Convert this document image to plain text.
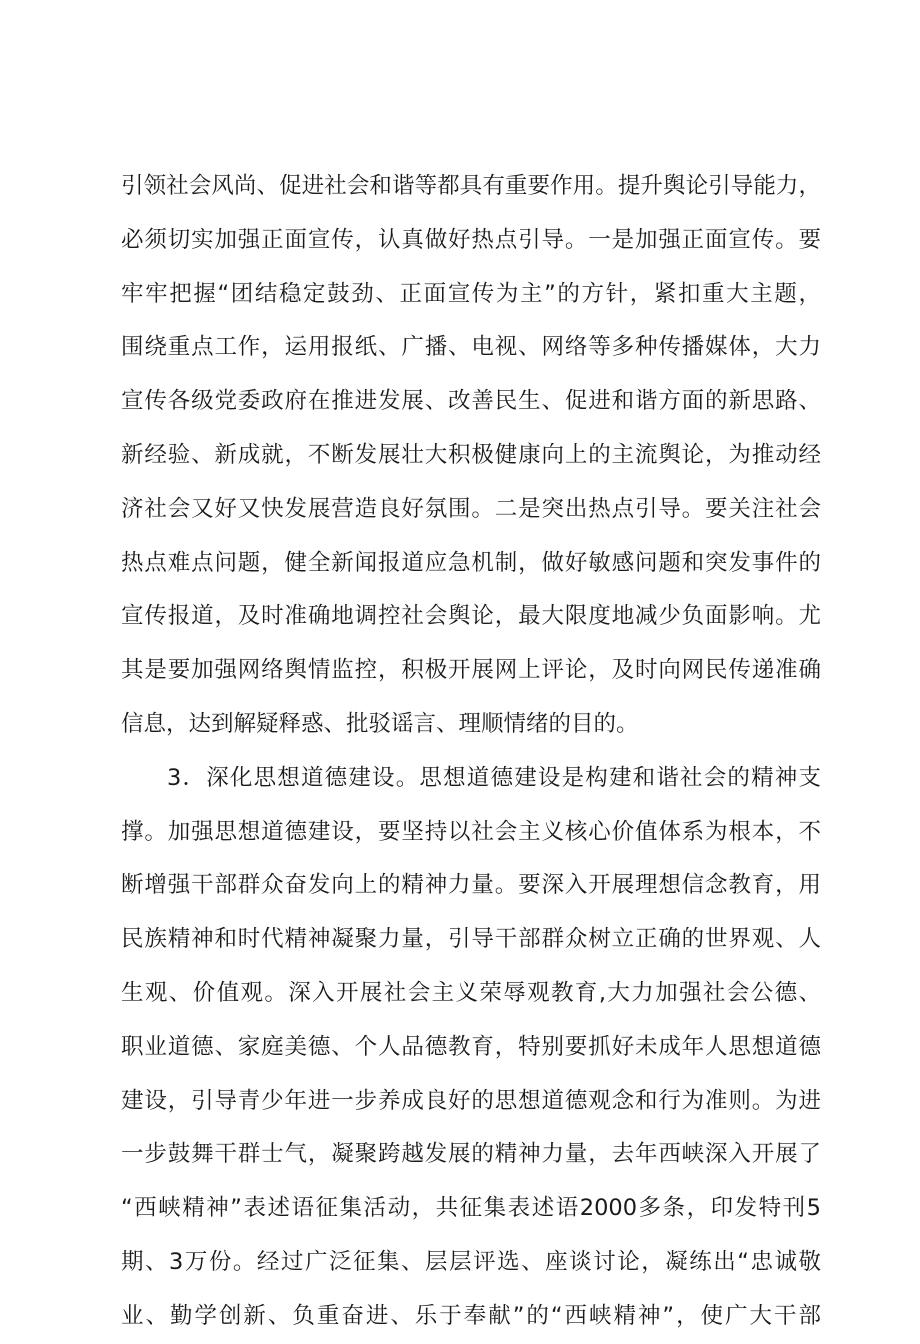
引领社会风尚、促进社会和谐等都具有重要作用。提升舆论引导能力，
必须切实加强正面宣传，认真做好热点引导。一是加强正面宣传。要
牢牢把握“团结稳定鼓劲、正面宣传为主”的方针，紧扣重大主题，
围绕重点工作，运用报纸、广播、电视、网络等多种传播媒体，大力
宣传各级党委政府在推进发展、改善民生、促进和谐方面的新思路、
新经验、新成就，不断发展壮大积极健康向上的主流舆论，为推动经
济社会又好又快发展营造良好氛围。二是突出热点引导。要关注社会
热点难点问题，健全新闻报道应急机制，做好敏感问题和突发事件的
宣传报道，及时准确地调控社会舆论，最大限度地减少负面影响。尤
其是要加强网络舆情监控，积极开展网上评论，及时向网民传递准确
信息，达到解疑释惑、批驳谣言、理顺情绪的目的。
3．深化思想道德建设。思想道德建设是构建和谐社会的精神支
撑。加强思想道德建设，要坚持以社会主义核心价值体系为根本，不
断增强干部群众奋发向上的精神力量。要深入开展理想信念教育，用
民族精神和时代精神凝聚力量，引导干部群众树立正确的世界观、人
生观、价值观。深入开展社会主义荣辱观教育,大力加强社会公德、
职业道德、家庭美德、个人品德教育，特别要抓好未成年人思想道德
建设，引导青少年进一步养成良好的思想道德观念和行为准则。为进
一步鼓舞干群士气，凝聚跨越发展的精神力量，去年西峡深入开展了
“西峡精神”表述语征集活动，共征集表述语2000多条，印发特刊5
期、3万份。经过广泛征集、层层评选、座谈讨论，凝练出“忠诚敬
业、勤学创新、负重奋进、乐于奉献”的“西峡精神”，使广大干部
